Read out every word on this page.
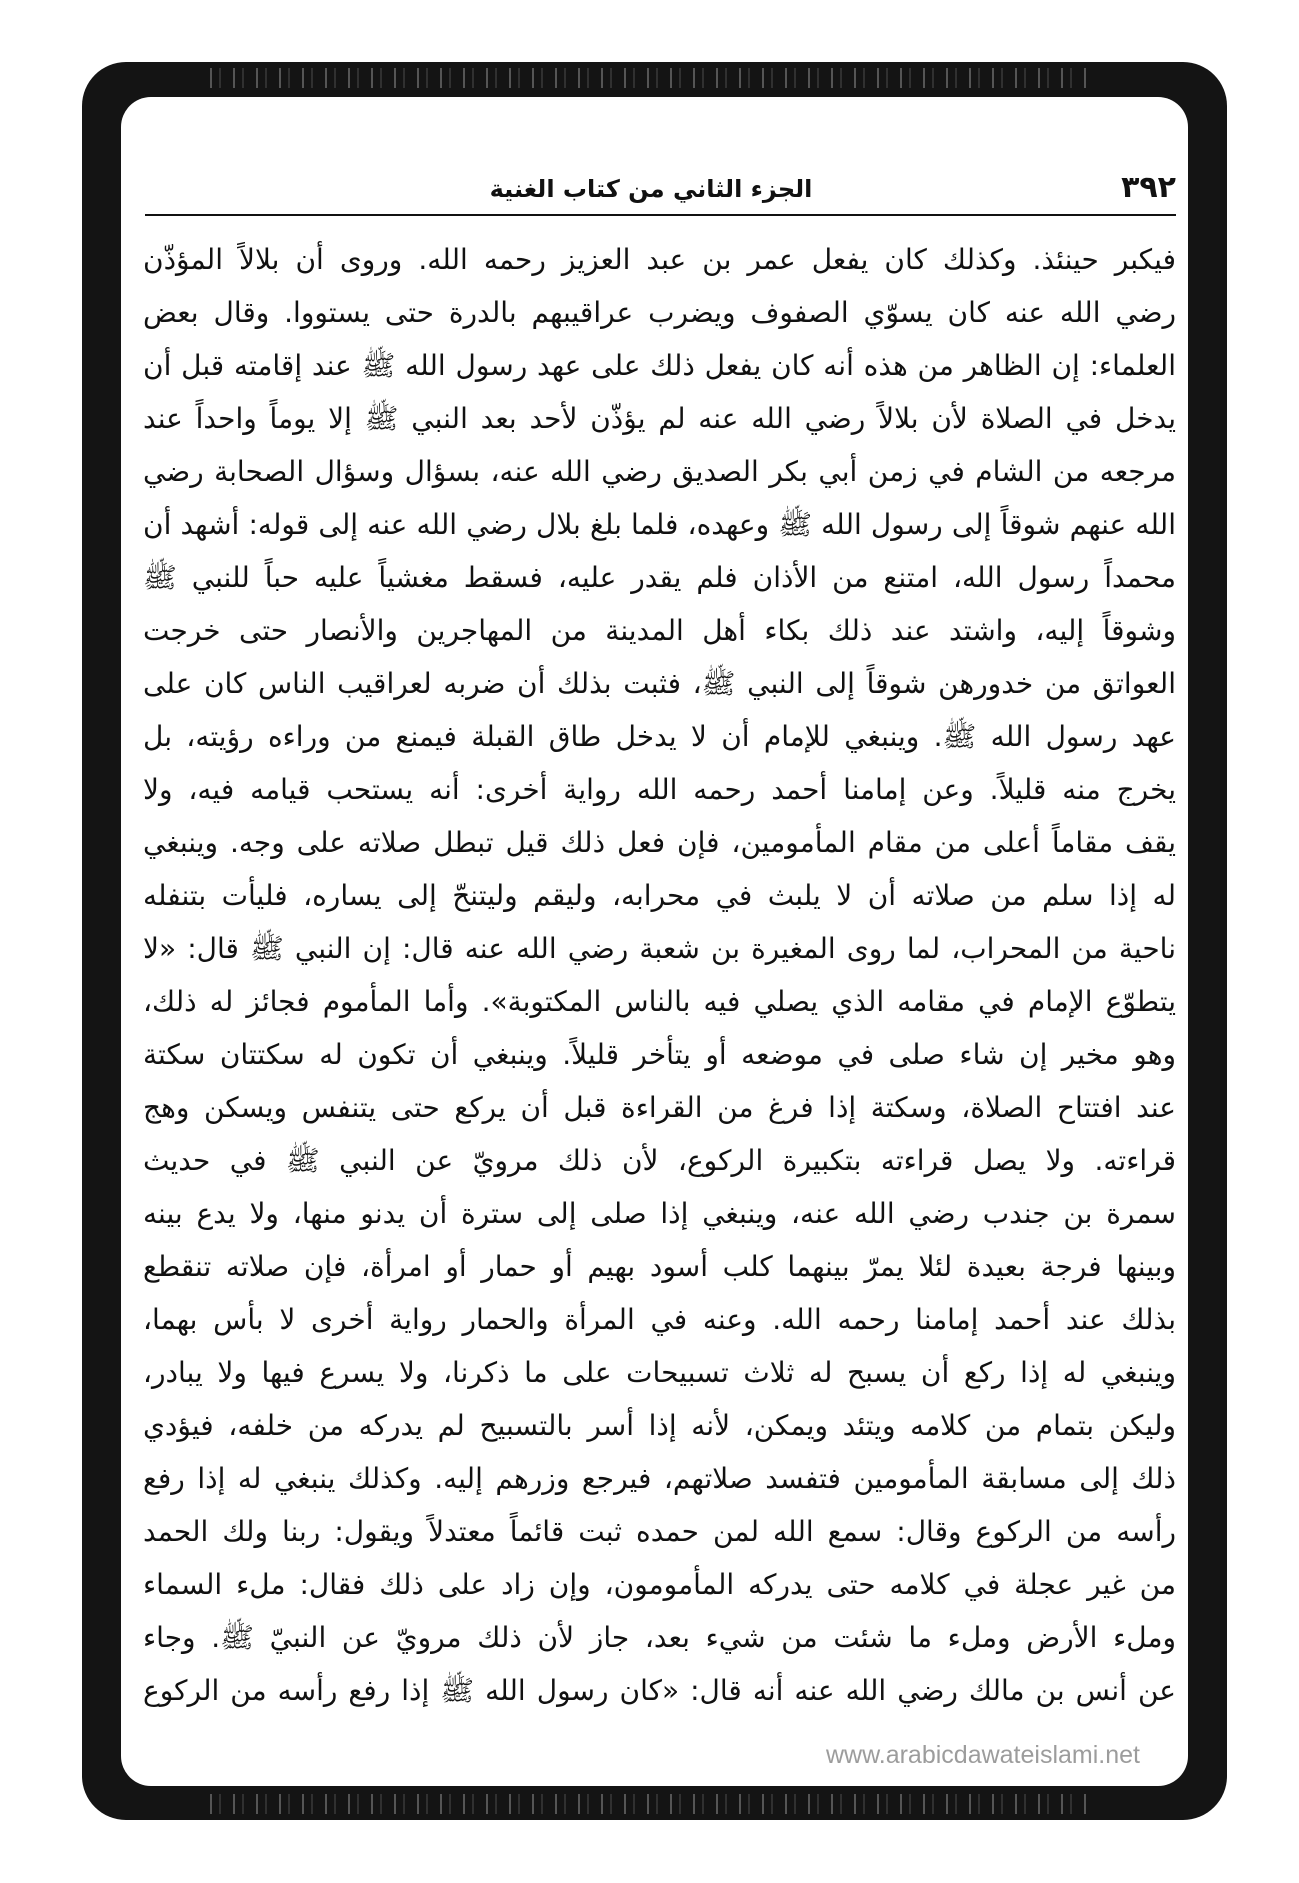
٣٩٢
الجزء الثاني من كتاب الغنية
فيكبر حينئذ. وكذلك كان يفعل عمر بن عبد العزيز رحمه الله. وروى أن بلالاً المؤذّن
رضي الله عنه كان يسوّي الصفوف ويضرب عراقيبهم بالدرة حتى يستووا. وقال بعض
العلماء: إن الظاهر من هذه أنه كان يفعل ذلك على عهد رسول الله ﷺ عند إقامته قبل أن
يدخل في الصلاة لأن بلالاً رضي الله عنه لم يؤذّن لأحد بعد النبي ﷺ إلا يوماً واحداً عند
مرجعه من الشام في زمن أبي بكر الصديق رضي الله عنه، بسؤال وسؤال الصحابة رضي
الله عنهم شوقاً إلى رسول الله ﷺ وعهده، فلما بلغ بلال رضي الله عنه إلى قوله: أشهد أن
محمداً رسول الله، امتنع من الأذان فلم يقدر عليه، فسقط مغشياً عليه حباً للنبي ﷺ
وشوقاً إليه، واشتد عند ذلك بكاء أهل المدينة من المهاجرين والأنصار حتى خرجت
العواتق من خدورهن شوقاً إلى النبي ﷺ، فثبت بذلك أن ضربه لعراقيب الناس كان على
عهد رسول الله ﷺ. وينبغي للإمام أن لا يدخل طاق القبلة فيمنع من وراءه رؤيته، بل
يخرج منه قليلاً. وعن إمامنا أحمد رحمه الله رواية أخرى: أنه يستحب قيامه فيه، ولا
يقف مقاماً أعلى من مقام المأمومين، فإن فعل ذلك قيل تبطل صلاته على وجه. وينبغي
له إذا سلم من صلاته أن لا يلبث في محرابه، وليقم وليتنحّ إلى يساره، فليأت بتنفله
ناحية من المحراب، لما روى المغيرة بن شعبة رضي الله عنه قال: إن النبي ﷺ قال: «لا
يتطوّع الإمام في مقامه الذي يصلي فيه بالناس المكتوبة». وأما المأموم فجائز له ذلك،
وهو مخير إن شاء صلى في موضعه أو يتأخر قليلاً. وينبغي أن تكون له سكتتان سكتة
عند افتتاح الصلاة، وسكتة إذا فرغ من القراءة قبل أن يركع حتى يتنفس ويسكن وهج
قراءته. ولا يصل قراءته بتكبيرة الركوع، لأن ذلك مرويّ عن النبي ﷺ في حديث
سمرة بن جندب رضي الله عنه، وينبغي إذا صلى إلى سترة أن يدنو منها، ولا يدع بينه
وبينها فرجة بعيدة لئلا يمرّ بينهما كلب أسود بهيم أو حمار أو امرأة، فإن صلاته تنقطع
بذلك عند أحمد إمامنا رحمه الله. وعنه في المرأة والحمار رواية أخرى لا بأس بهما،
وينبغي له إذا ركع أن يسبح له ثلاث تسبيحات على ما ذكرنا، ولا يسرع فيها ولا يبادر،
وليكن بتمام من كلامه ويتئد ويمكن، لأنه إذا أسر بالتسبيح لم يدركه من خلفه، فيؤدي
ذلك إلى مسابقة المأمومين فتفسد صلاتهم، فيرجع وزرهم إليه. وكذلك ينبغي له إذا رفع
رأسه من الركوع وقال: سمع الله لمن حمده ثبت قائماً معتدلاً ويقول: ربنا ولك الحمد
من غير عجلة في كلامه حتى يدركه المأمومون، وإن زاد على ذلك فقال: ملء السماء
وملء الأرض وملء ما شئت من شيء بعد، جاز لأن ذلك مرويّ عن النبيّ ﷺ. وجاء
عن أنس بن مالك رضي الله عنه أنه قال: «كان رسول الله ﷺ إذا رفع رأسه من الركوع
www.arabicdawateislami.net
